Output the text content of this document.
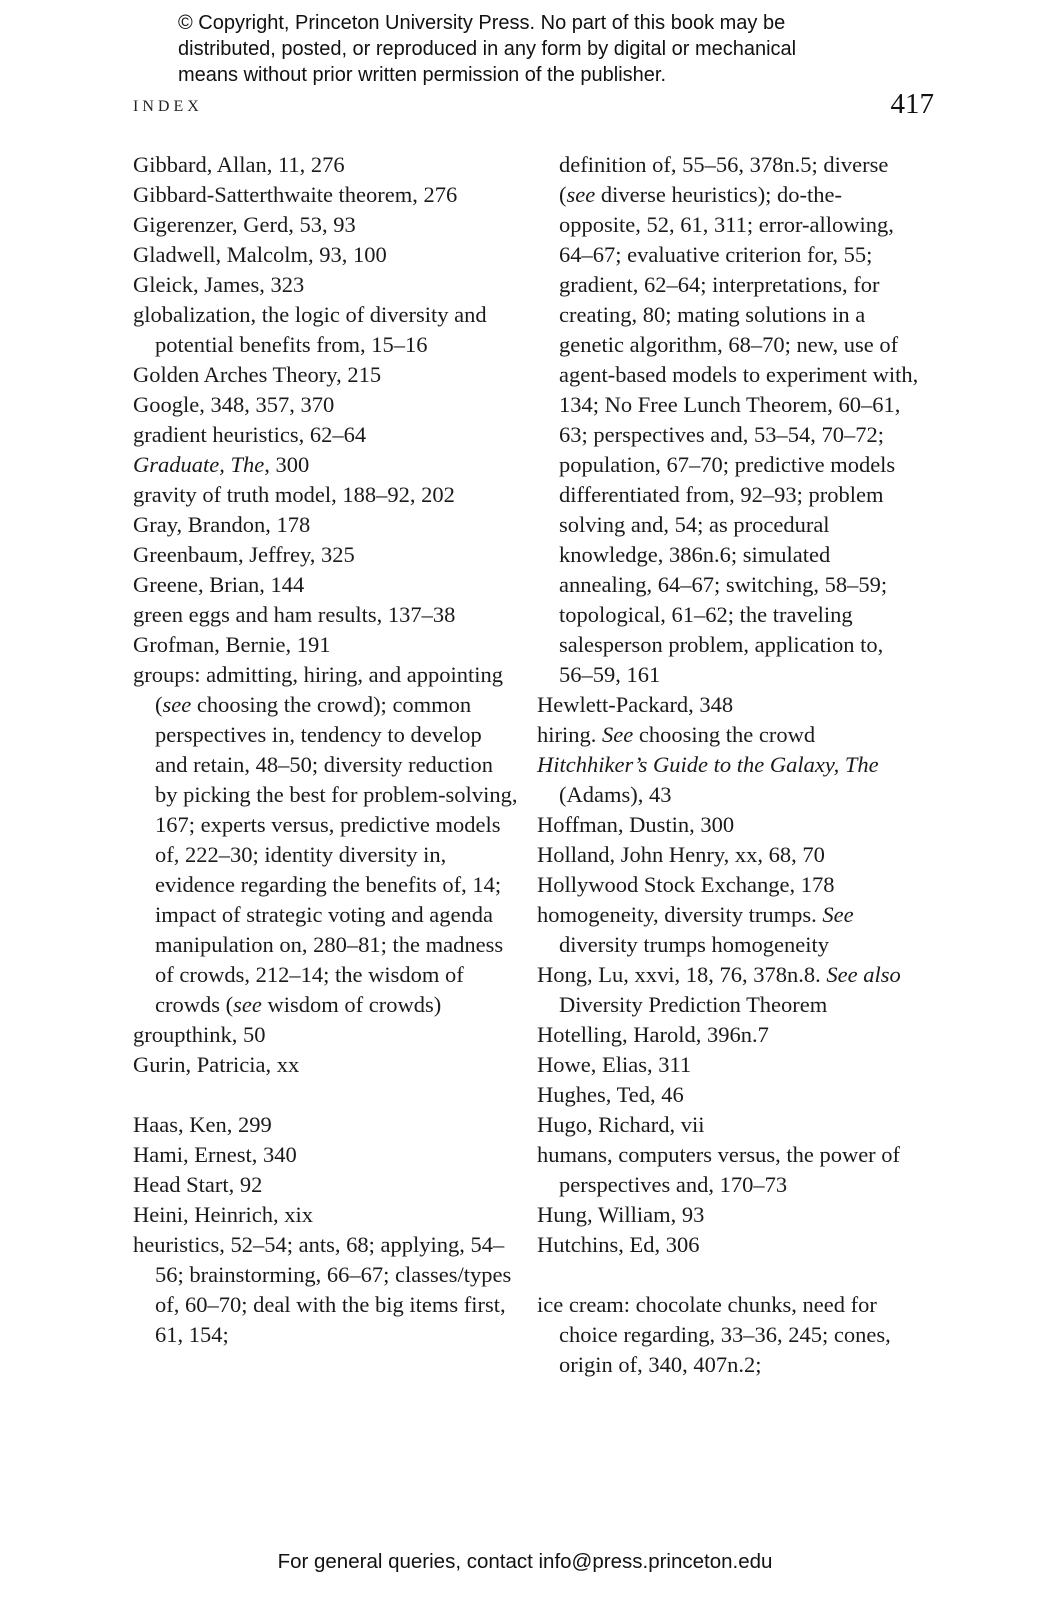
© Copyright, Princeton University Press. No part of this book may be
distributed, posted, or reproduced in any form by digital or mechanical
means without prior written permission of the publisher.
INDEX	417
Gibbard, Allan, 11, 276
Gibbard-Satterthwaite theorem, 276
Gigerenzer, Gerd, 53, 93
Gladwell, Malcolm, 93, 100
Gleick, James, 323
globalization, the logic of diversity and potential benefits from, 15–16
Golden Arches Theory, 215
Google, 348, 357, 370
gradient heuristics, 62–64
Graduate, The, 300
gravity of truth model, 188–92, 202
Gray, Brandon, 178
Greenbaum, Jeffrey, 325
Greene, Brian, 144
green eggs and ham results, 137–38
Grofman, Bernie, 191
groups: admitting, hiring, and appointing (see choosing the crowd); common perspectives in, tendency to develop and retain, 48–50; diversity reduction by picking the best for problem-solving, 167; experts versus, predictive models of, 222–30; identity diversity in, evidence regarding the benefits of, 14; impact of strategic voting and agenda manipulation on, 280–81; the madness of crowds, 212–14; the wisdom of crowds (see wisdom of crowds)
groupthink, 50
Gurin, Patricia, xx
Haas, Ken, 299
Hami, Ernest, 340
Head Start, 92
Heini, Heinrich, xix
heuristics, 52–54; ants, 68; applying, 54–56; brainstorming, 66–67; classes/types of, 60–70; deal with the big items first, 61, 154;
definition of, 55–56, 378n.5; diverse (see diverse heuristics); do-the-opposite, 52, 61, 311; error-allowing, 64–67; evaluative criterion for, 55; gradient, 62–64; interpretations, for creating, 80; mating solutions in a genetic algorithm, 68–70; new, use of agent-based models to experiment with, 134; No Free Lunch Theorem, 60–61, 63; perspectives and, 53–54, 70–72; population, 67–70; predictive models differentiated from, 92–93; problem solving and, 54; as procedural knowledge, 386n.6; simulated annealing, 64–67; switching, 58–59; topological, 61–62; the traveling salesperson problem, application to, 56–59, 161
Hewlett-Packard, 348
hiring. See choosing the crowd
Hitchhiker’s Guide to the Galaxy, The (Adams), 43
Hoffman, Dustin, 300
Holland, John Henry, xx, 68, 70
Hollywood Stock Exchange, 178
homogeneity, diversity trumps. See diversity trumps homogeneity
Hong, Lu, xxvi, 18, 76, 378n.8. See also Diversity Prediction Theorem
Hotelling, Harold, 396n.7
Howe, Elias, 311
Hughes, Ted, 46
Hugo, Richard, vii
humans, computers versus, the power of perspectives and, 170–73
Hung, William, 93
Hutchins, Ed, 306
ice cream: chocolate chunks, need for choice regarding, 33–36, 245; cones, origin of, 340, 407n.2;
For general queries, contact info@press.princeton.edu
